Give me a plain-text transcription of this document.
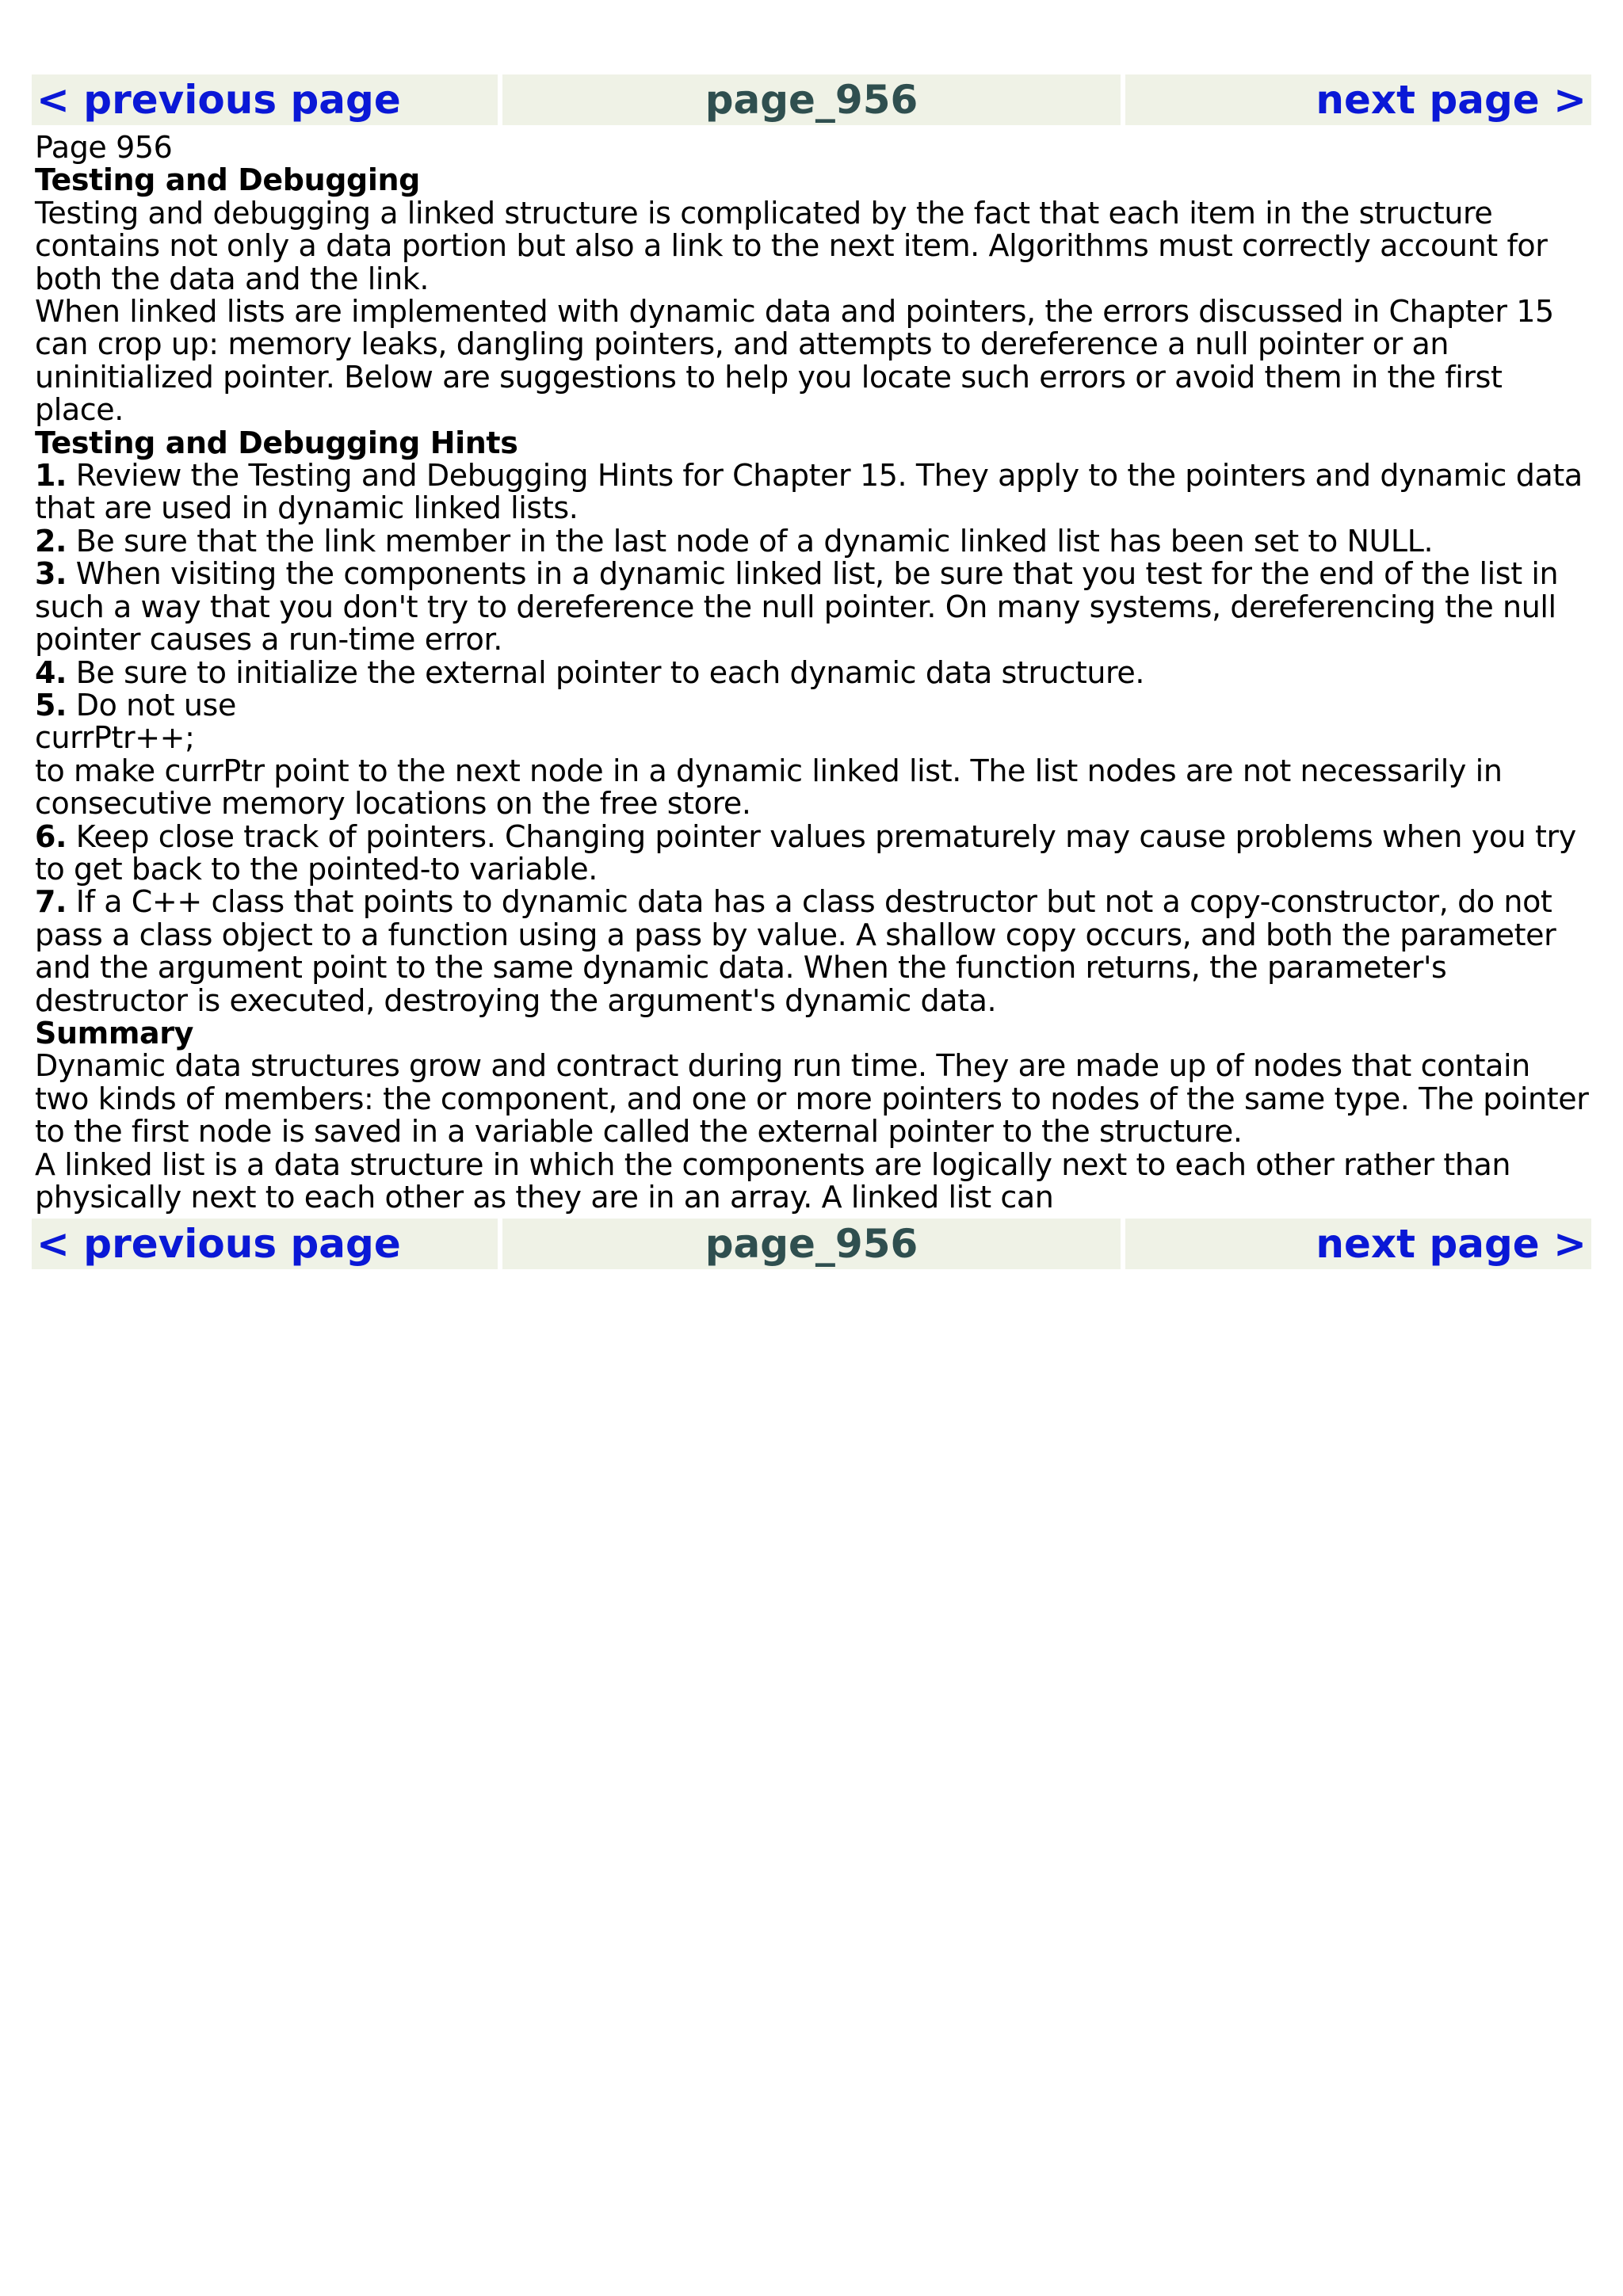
< previous page	page_956	next page >

Page 956

Testing and Debugging

Testing and debugging a linked structure is complicated by the fact that each item in the structure contains not only a data portion but also a link to the next item. Algorithms must correctly account for both the data and the link.

When linked lists are implemented with dynamic data and pointers, the errors discussed in Chapter 15 can crop up: memory leaks, dangling pointers, and attempts to dereference a null pointer or an uninitialized pointer. Below are suggestions to help you locate such errors or avoid them in the first place.

Testing and Debugging Hints

1. Review the Testing and Debugging Hints for Chapter 15. They apply to the pointers and dynamic data that are used in dynamic linked lists.

2. Be sure that the link member in the last node of a dynamic linked list has been set to NULL.

3. When visiting the components in a dynamic linked list, be sure that you test for the end of the list in such a way that you don't try to dereference the null pointer. On many systems, dereferencing the null pointer causes a run-time error.

4. Be sure to initialize the external pointer to each dynamic data structure.

5. Do not use

currPtr++;

to make currPtr point to the next node in a dynamic linked list. The list nodes are not necessarily in consecutive memory locations on the free store.

6. Keep close track of pointers. Changing pointer values prematurely may cause problems when you try to get back to the pointed-to variable.

7. If a C++ class that points to dynamic data has a class destructor but not a copy-constructor, do not pass a class object to a function using a pass by value. A shallow copy occurs, and both the parameter and the argument point to the same dynamic data. When the function returns, the parameter's destructor is executed, destroying the argument's dynamic data.

Summary

Dynamic data structures grow and contract during run time. They are made up of nodes that contain two kinds of members: the component, and one or more pointers to nodes of the same type. The pointer to the first node is saved in a variable called the external pointer to the structure.

A linked list is a data structure in which the components are logically next to each other rather than physically next to each other as they are in an array. A linked list can

< previous page	page_956	next page >
